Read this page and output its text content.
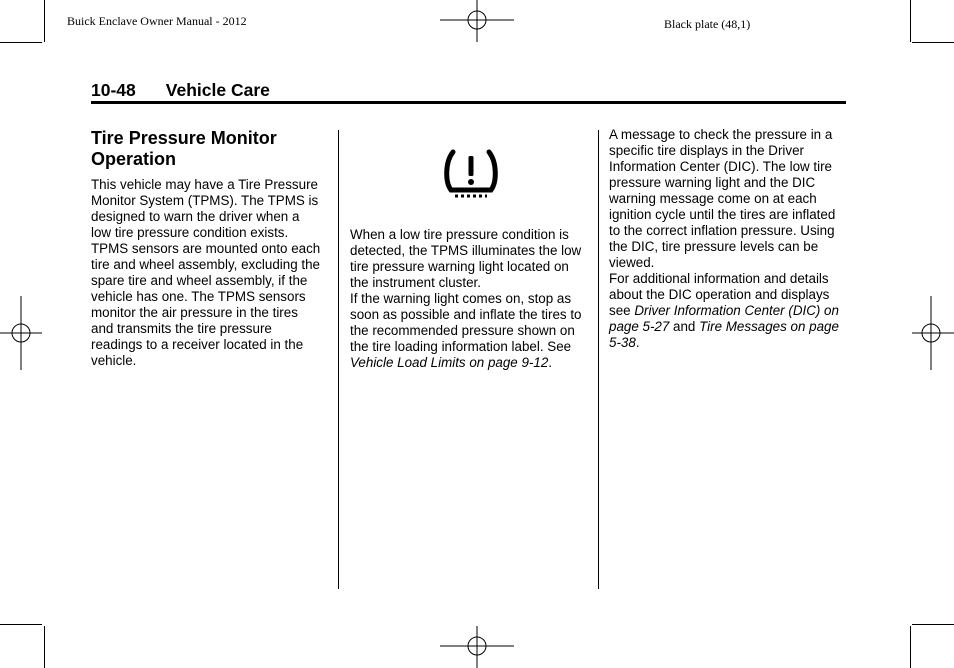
Buick Enclave Owner Manual - 2012	Black plate (48,1)
10-48 Vehicle Care
Tire Pressure Monitor Operation

This vehicle may have a Tire Pressure Monitor System (TPMS). The TPMS is designed to warn the driver when a low tire pressure condition exists. TPMS sensors are mounted onto each tire and wheel assembly, excluding the spare tire and wheel assembly, if the vehicle has one. The TPMS sensors monitor the air pressure in the tires and transmits the tire pressure readings to a receiver located in the vehicle.

When a low tire pressure condition is detected, the TPMS illuminates the low tire pressure warning light located on the instrument cluster.

If the warning light comes on, stop as soon as possible and inflate the tires to the recommended pressure shown on the tire loading information label. See Vehicle Load Limits on page 9-12.

A message to check the pressure in a specific tire displays in the Driver Information Center (DIC). The low tire pressure warning light and the DIC warning message come on at each ignition cycle until the tires are inflated to the correct inflation pressure. Using the DIC, tire pressure levels can be viewed.

For additional information and details about the DIC operation and displays see Driver Information Center (DIC) on page 5-27 and Tire Messages on page 5-38.
